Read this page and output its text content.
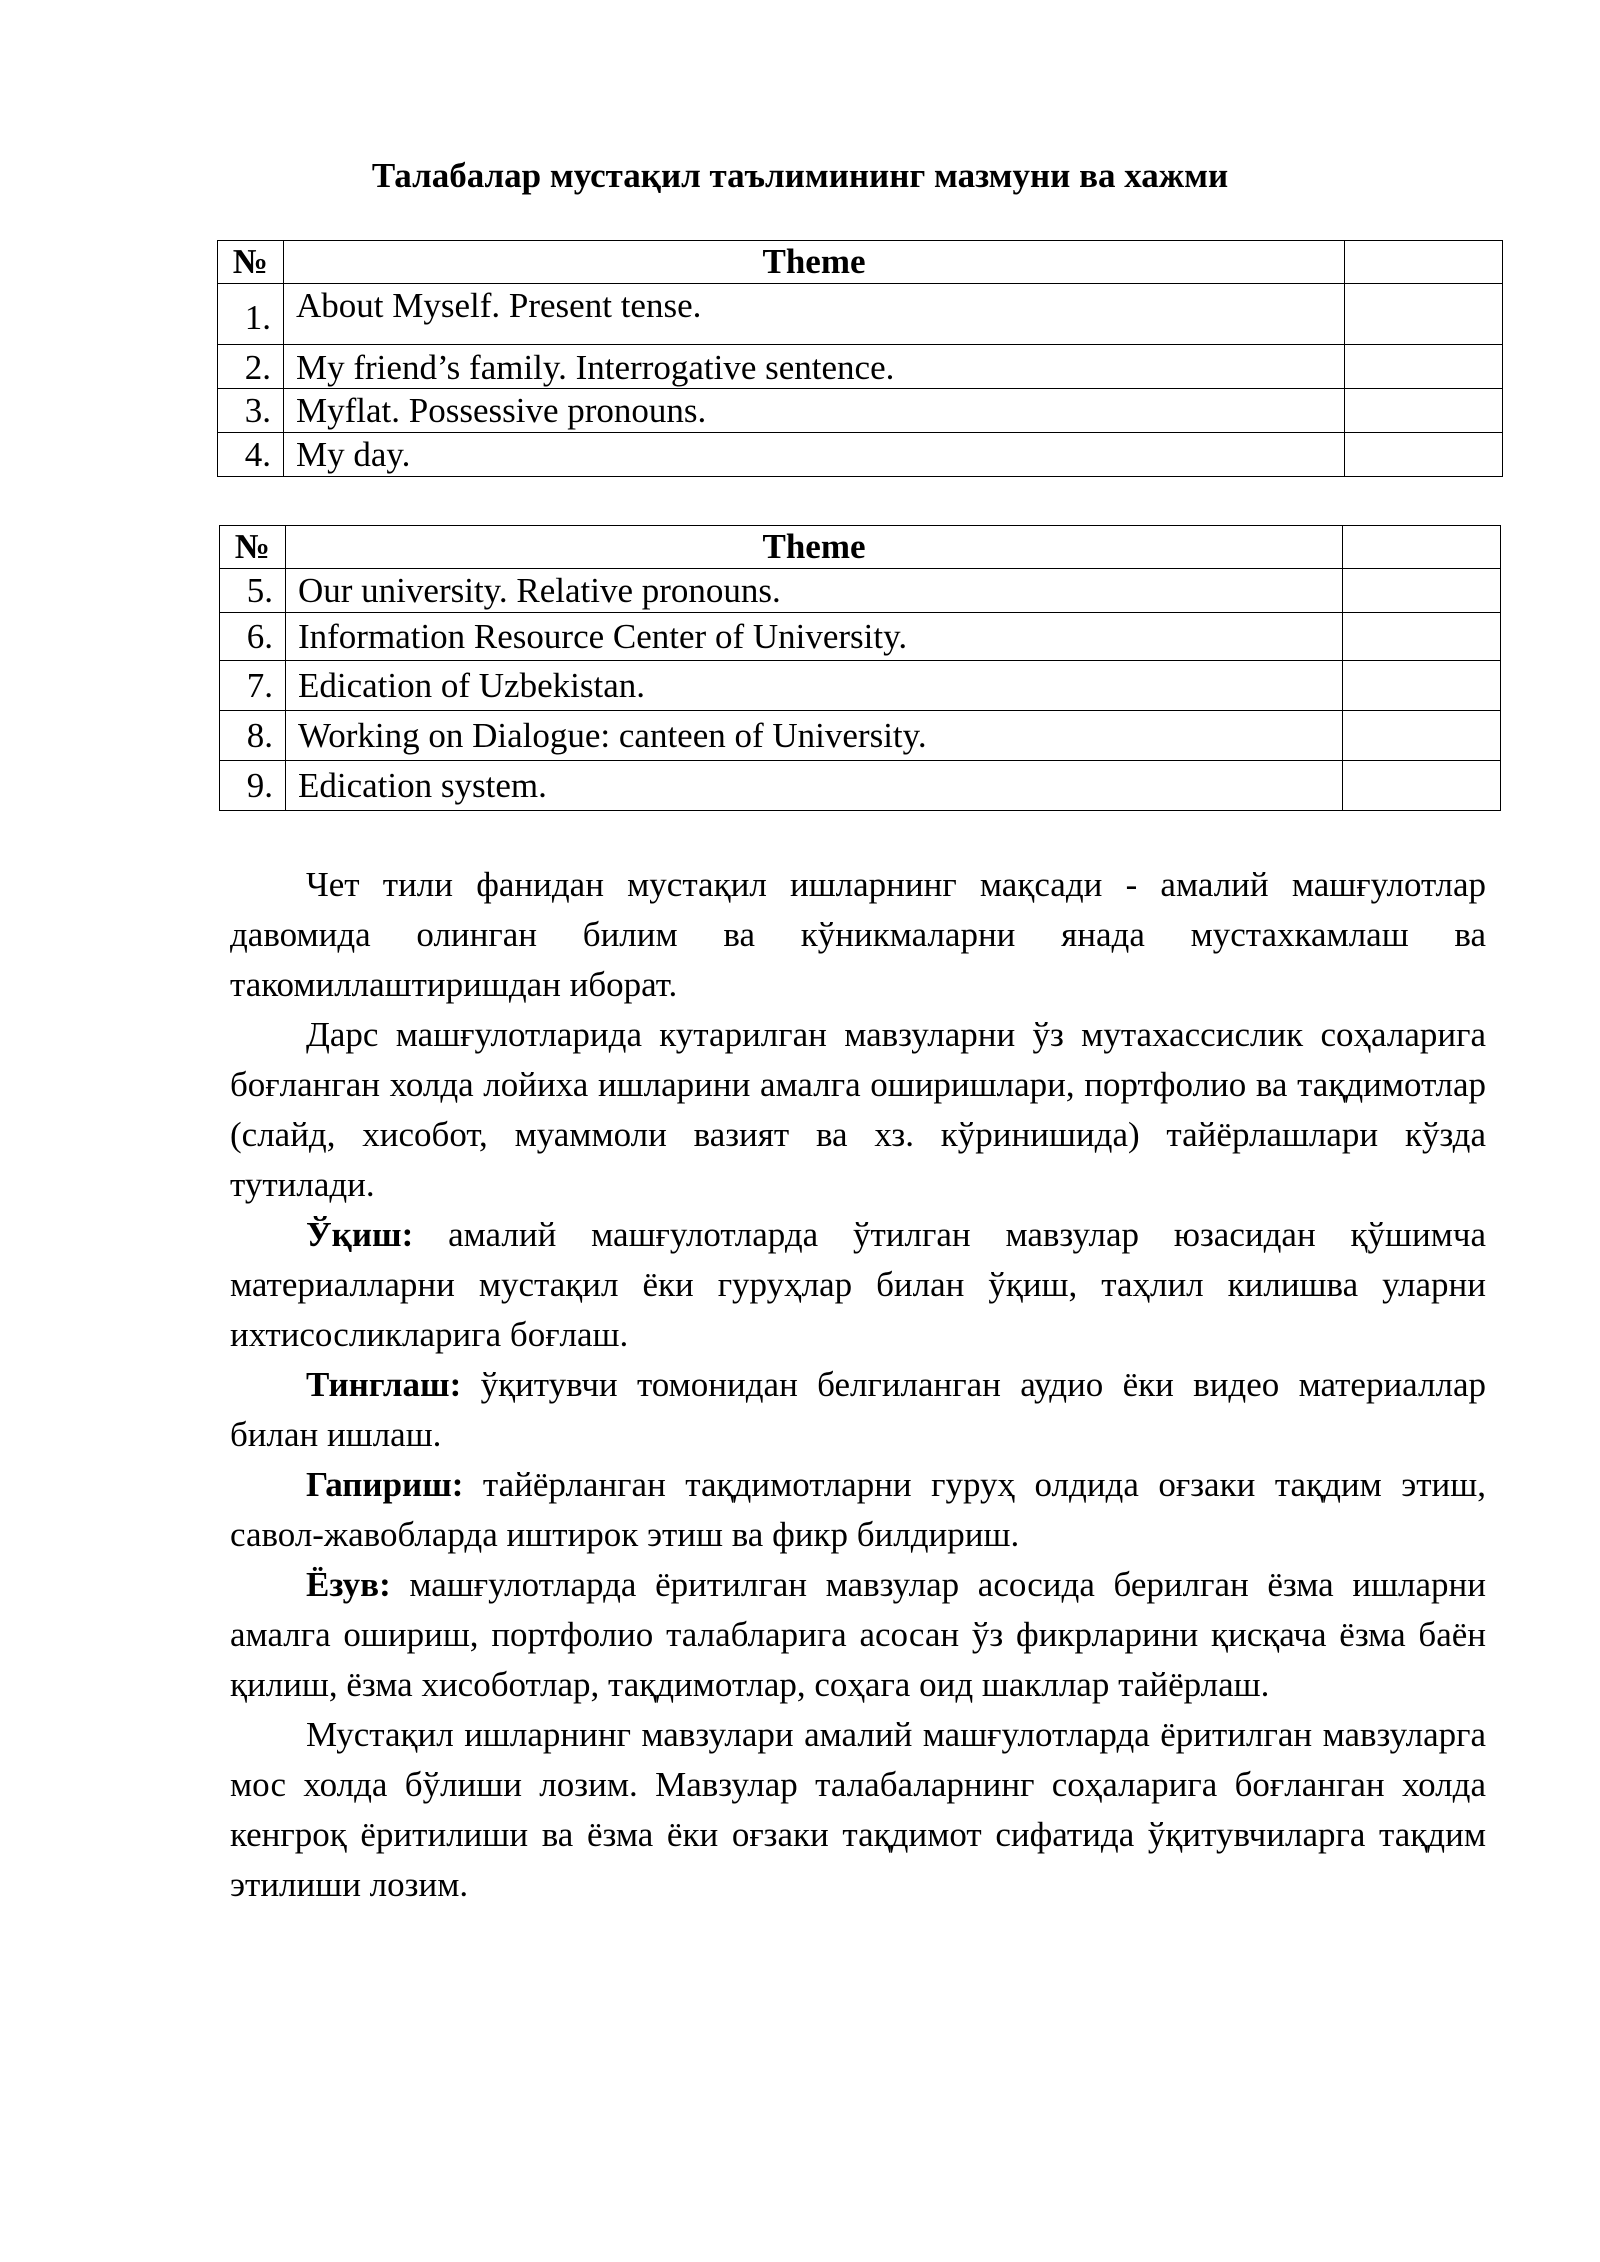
Талабалар мустақил таълимининг мазмуни ва хажми
№	Theme	
1.	About Myself. Present tense.	
2.	My friend’s family. Interrogative sentence.	
3.	Myflat. Possessive pronouns.	
4.	My day.	
№	Theme	
5.	Our university. Relative pronouns.	
6.	Information Resource Center of University.	
7.	Edication of Uzbekistan.	
8.	Working on Dialogue: canteen of University.	
9.	Edication system.	

Чет тили фанидан мустақил ишларнинг мақсади - амалий машғулотлар давомида олинган билим ва кўникмаларни янада мустахкамлаш ва такомиллаштиришдан иборат.

Дарс машғулотларида кутарилган мавзуларни ўз мутахассислик соҳаларига боғланган холда лойиха ишларини амалга оширишлари, портфолио ва тақдимотлар (слайд, хисобот, муаммоли вазият ва хз. кўринишида) тайёрлашлари кўзда тутилади.

Ўқиш: амалий машғулотларда ўтилган мавзулар юзасидан қўшимча материалларни мустақил ёки гуруҳлар билан ўқиш, таҳлил килишва уларни ихтисосликларига боғлаш.

Тинглаш: ўқитувчи томонидан белгиланган аудио ёки видео материаллар билан ишлаш.

Гапириш: тайёрланган тақдимотларни гуруҳ олдида оғзаки тақдим этиш, савол-жавобларда иштирок этиш ва фикр билдириш.

Ёзув: машғулотларда ёритилган мавзулар асосида берилган ёзма ишларни амалга ошириш, портфолио талабларига асосан ўз фикрларини қисқача ёзма баён қилиш, ёзма хисоботлар, тақдимотлар, соҳага оид шакллар тайёрлаш.

Мустақил ишларнинг мавзулари амалий машғулотларда ёритилган мавзуларга мос холда бўлиши лозим. Мавзулар талабаларнинг соҳаларига боғланган холда кенгроқ ёритилиши ва ёзма ёки оғзаки тақдимот сифатида ўқитувчиларга тақдим этилиши лозим.
